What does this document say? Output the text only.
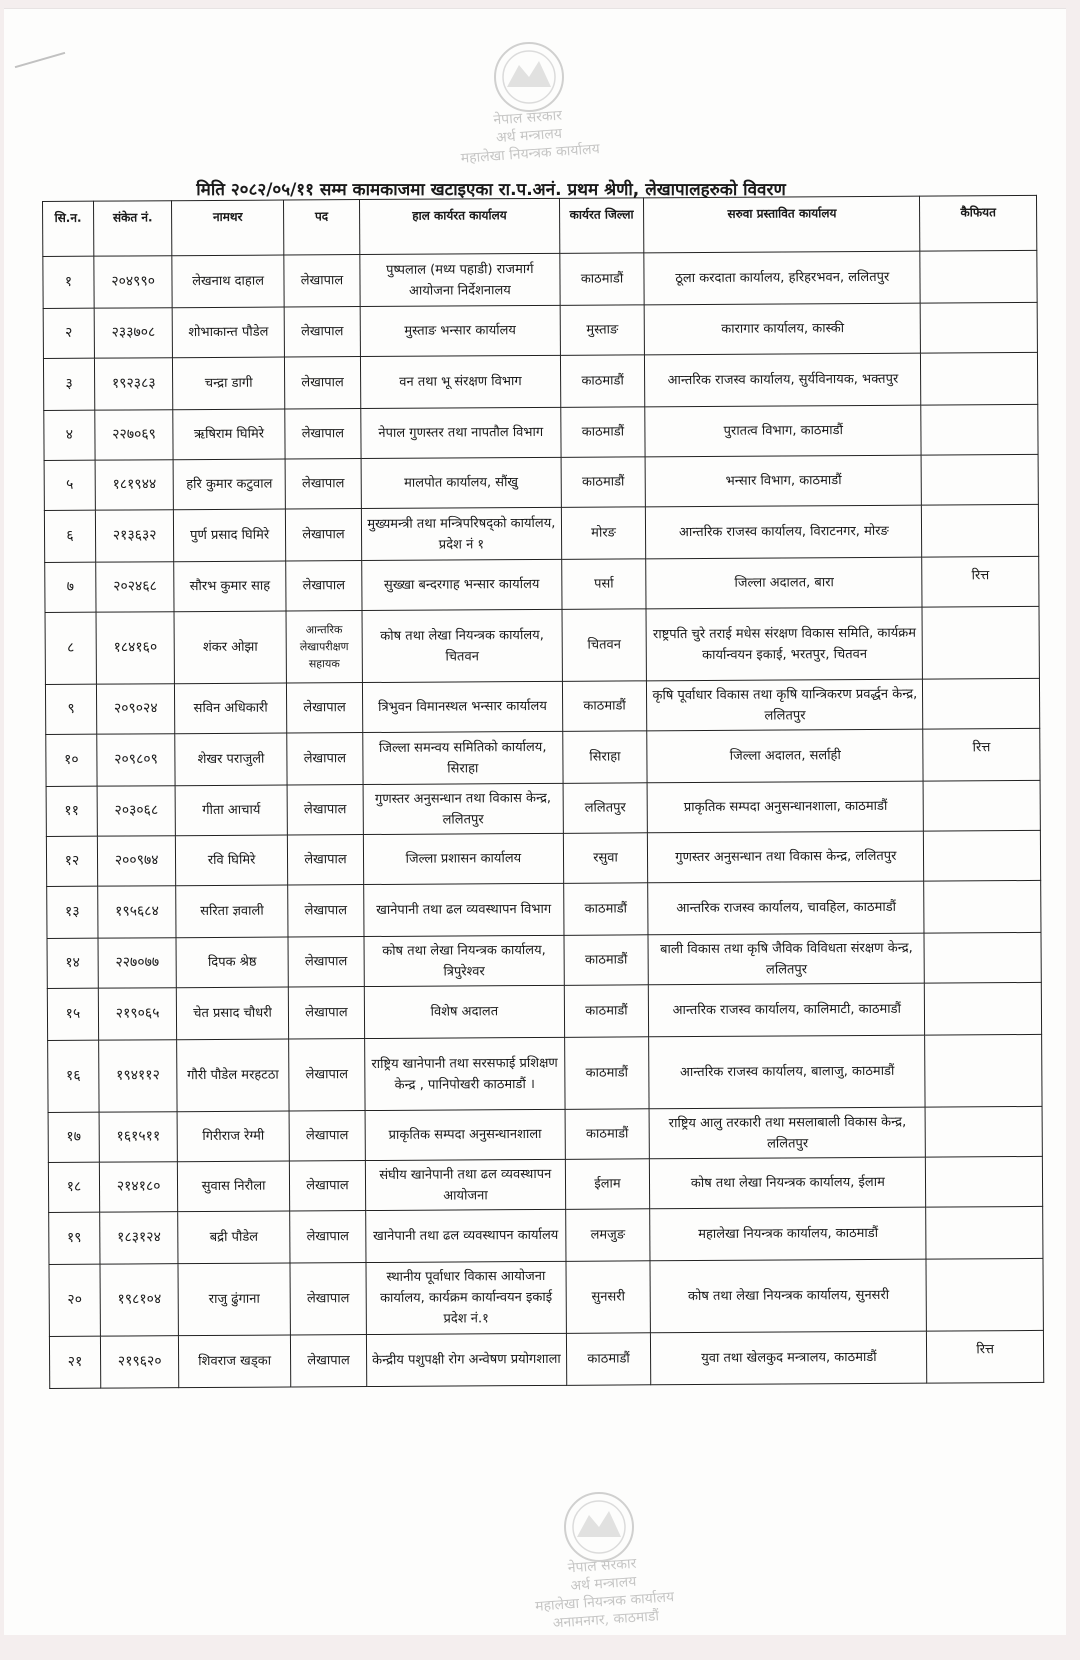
नेपाल सरकार
अर्थ मन्त्रालय
महालेखा नियन्त्रक कार्यालय
मिति २०८२/०५/११ सम्म कामकाजमा खटाइएका रा.प.अनं. प्रथम श्रेणी, लेखापालहरुको विवरण
सि.न.	संकेत नं.	नामथर	पद	हाल कार्यरत कार्यालय	कार्यरत जिल्ला	सरुवा प्रस्तावित कार्यालय	कैफियत
१	२०४९९०	लेखनाथ दाहाल	लेखापाल	पुष्पलाल (मध्य पहाडी) राजमार्ग आयोजना निर्देशनालय	काठमाडौं	ठूला करदाता कार्यालय, हरिहरभवन, ललितपुर	
२	२३३७०८	शोभाकान्त पौडेल	लेखापाल	मुस्ताङ भन्सार कार्यालय	मुस्ताङ	कारागार कार्यालय, कास्की	
३	१९२३८३	चन्द्रा डागी	लेखापाल	वन तथा भू संरक्षण विभाग	काठमाडौं	आन्तरिक राजस्व कार्यालय, सुर्यविनायक, भक्तपुर	
४	२२७०६९	ऋषिराम घिमिरे	लेखापाल	नेपाल गुणस्तर तथा नापतौल विभाग	काठमाडौं	पुरातत्व विभाग, काठमाडौं	
५	१८१९४४	हरि कुमार कटुवाल	लेखापाल	मालपोत कार्यालय, सौंखु	काठमाडौं	भन्सार विभाग, काठमाडौं	
६	२१३६३२	पुर्ण प्रसाद घिमिरे	लेखापाल	मुख्यमन्त्री तथा मन्त्रिपरिषद्को कार्यालय, प्रदेश नं १	मोरङ	आन्तरिक राजस्व कार्यालय, विराटनगर, मोरङ	
७	२०२४६८	सौरभ कुमार साह	लेखापाल	सुख्खा बन्दरगाह भन्सार कार्यालय	पर्सा	जिल्ला अदालत, बारा	रित्त
८	१८४१६०	शंकर ओझा	आन्तरिक लेखापरीक्षण सहायक	कोष तथा लेखा नियन्त्रक कार्यालय, चितवन	चितवन	राष्ट्रपति चुरे तराई मधेस संरक्षण विकास समिति, कार्यक्रम कार्यान्वयन इकाई, भरतपुर, चितवन	
९	२०९०२४	सविन अधिकारी	लेखापाल	त्रिभुवन विमानस्थल भन्सार कार्यालय	काठमाडौं	कृषि पूर्वाधार विकास तथा कृषि यान्त्रिकरण प्रवर्द्धन केन्द्र, ललितपुर	
१०	२०९८०९	शेखर पराजुली	लेखापाल	जिल्ला समन्वय समितिको कार्यालय, सिराहा	सिराहा	जिल्ला अदालत, सर्लाही	रित्त
११	२०३०६८	गीता आचार्य	लेखापाल	गुणस्तर अनुसन्धान तथा विकास केन्द्र, ललितपुर	ललितपुर	प्राकृतिक सम्पदा अनुसन्धानशाला, काठमाडौं	
१२	२००९७४	रवि घिमिरे	लेखापाल	जिल्ला प्रशासन कार्यालय	रसुवा	गुणस्तर अनुसन्धान तथा विकास केन्द्र, ललितपुर	
१३	१९५६८४	सरिता ज्ञवाली	लेखापाल	खानेपानी तथा ढल व्यवस्थापन विभाग	काठमाडौं	आन्तरिक राजस्व कार्यालय, चावहिल, काठमाडौं	
१४	२२७०७७	दिपक श्रेष्ठ	लेखापाल	कोष तथा लेखा नियन्त्रक कार्यालय, त्रिपुरेश्वर	काठमाडौं	बाली विकास तथा कृषि जैविक विविधता संरक्षण केन्द्र, ललितपुर	
१५	२१९०६५	चेत प्रसाद चौधरी	लेखापाल	विशेष अदालत	काठमाडौं	आन्तरिक राजस्व कार्यालय, कालिमाटी, काठमाडौं	
१६	१९४११२	गौरी पौडेल मरहटठा	लेखापाल	राष्ट्रिय खानेपानी तथा सरसफाई प्रशिक्षण केन्द्र , पानिपोखरी काठमाडौं ।	काठमाडौं	आन्तरिक राजस्व कार्यालय, बालाजु, काठमाडौं	
१७	१६१५११	गिरीराज रेग्मी	लेखापाल	प्राकृतिक सम्पदा अनुसन्धानशाला	काठमाडौं	राष्ट्रिय आलु तरकारी तथा मसलाबाली विकास केन्द्र, ललितपुर	
१८	२१४१८०	सुवास निरौला	लेखापाल	संघीय खानेपानी तथा ढल व्यवस्थापन आयोजना	ईलाम	कोष तथा लेखा नियन्त्रक कार्यालय, ईलाम	
१९	१८३१२४	बद्री पौडेल	लेखापाल	खानेपानी तथा ढल व्यवस्थापन कार्यालय	लमजुङ	महालेखा नियन्त्रक कार्यालय, काठमाडौं	
२०	१९८१०४	राजु ढुंगाना	लेखापाल	स्थानीय पूर्वाधार विकास आयोजना कार्यालय, कार्यक्रम कार्यान्वयन इकाई प्रदेश नं.१	सुनसरी	कोष तथा लेखा नियन्त्रक कार्यालय, सुनसरी	
२१	२१९६२०	शिवराज खड्का	लेखापाल	केन्द्रीय पशुपक्षी रोग अन्वेषण प्रयोगशाला	काठमाडौं	युवा तथा खेलकुद मन्त्रालय, काठमाडौं	रित्त
नेपाल सरकार
अर्थ मन्त्रालय
महालेखा नियन्त्रक कार्यालय
अनामनगर, काठमाडौं
